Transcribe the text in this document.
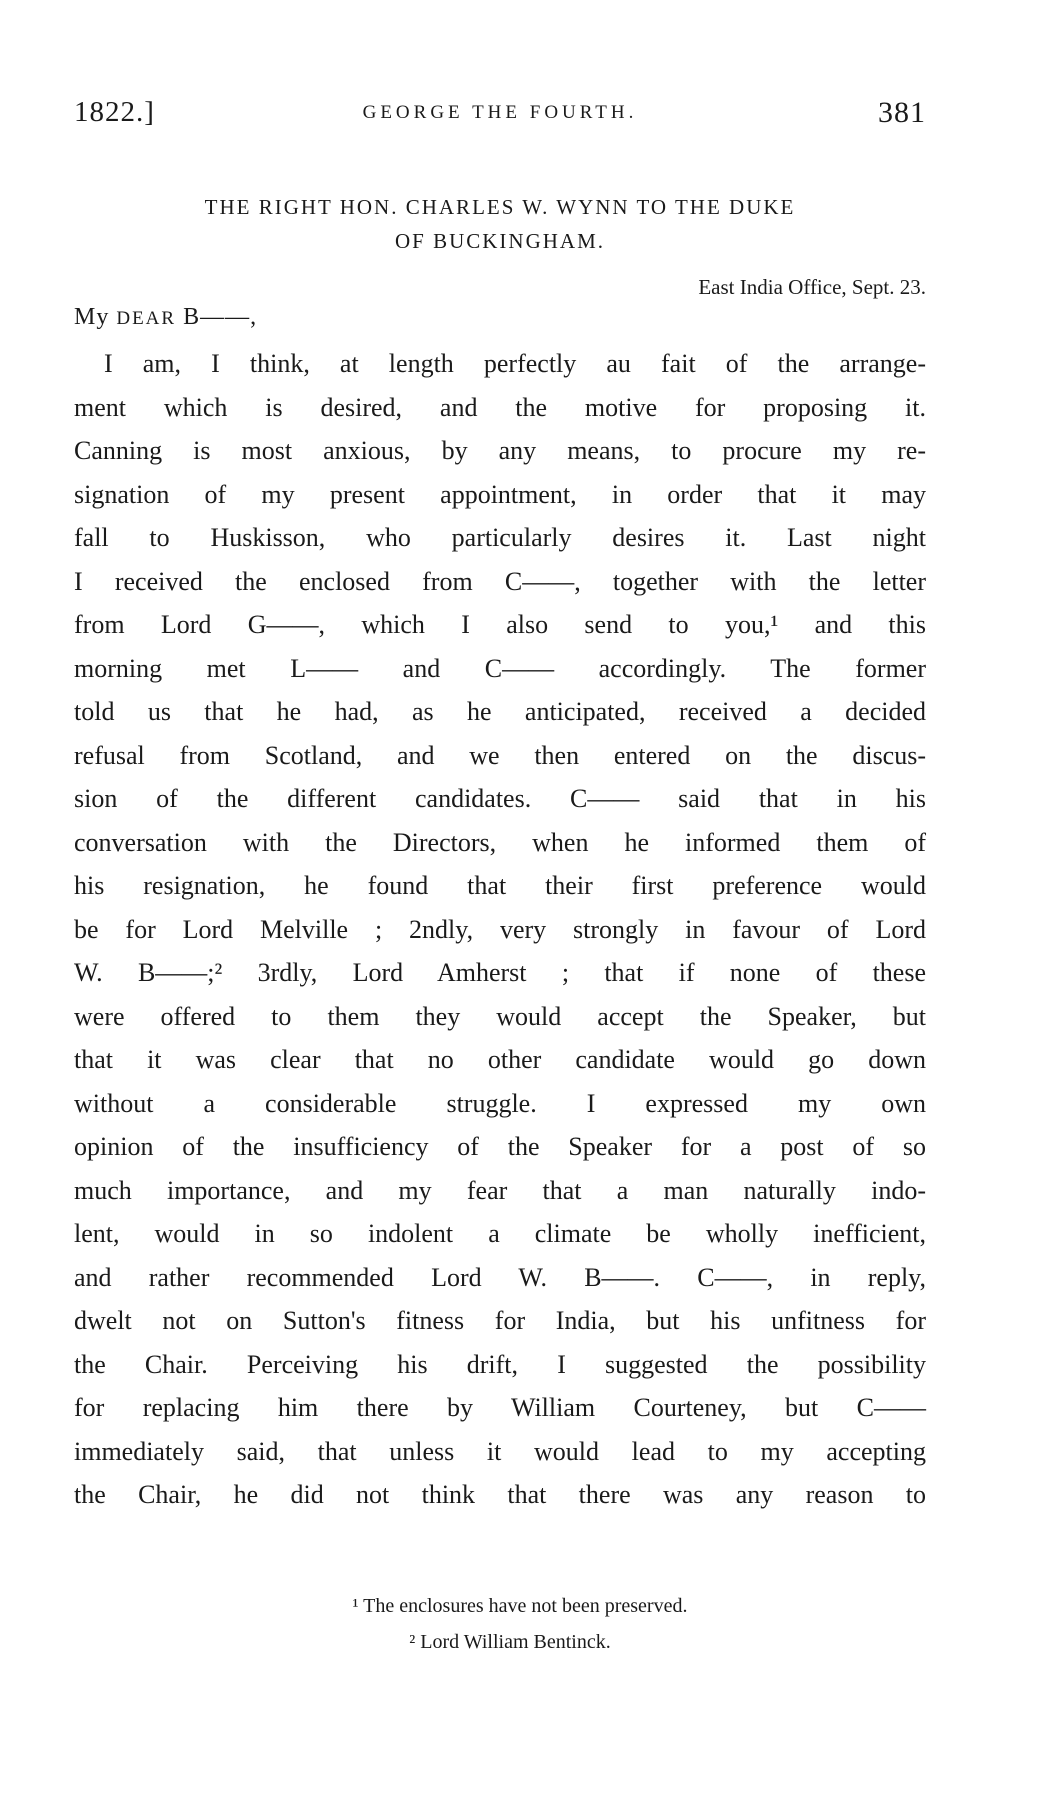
1822.]	GEORGE THE FOURTH.	381
THE RIGHT HON. CHARLES W. WYNN TO THE DUKE
OF BUCKINGHAM.
East India Office, Sept. 23.
My DEAR B——,
I am, I think, at length perfectly au fait of the arrange-
ment which is desired, and the motive for proposing it.
Canning is most anxious, by any means, to procure my re-
signation of my present appointment, in order that it may
fall to Huskisson, who particularly desires it. Last night
I received the enclosed from C——, together with the letter
from Lord G——, which I also send to you,¹ and this
morning met L—— and C—— accordingly. The former
told us that he had, as he anticipated, received a decided
refusal from Scotland, and we then entered on the discus-
sion of the different candidates. C—— said that in his
conversation with the Directors, when he informed them of
his resignation, he found that their first preference would
be for Lord Melville ; 2ndly, very strongly in favour of Lord
W. B——;² 3rdly, Lord Amherst ; that if none of these
were offered to them they would accept the Speaker, but
that it was clear that no other candidate would go down
without a considerable struggle. I expressed my own
opinion of the insufficiency of the Speaker for a post of so
much importance, and my fear that a man naturally indo-
lent, would in so indolent a climate be wholly inefficient,
and rather recommended Lord W. B——. C——, in reply,
dwelt not on Sutton's fitness for India, but his unfitness for
the Chair. Perceiving his drift, I suggested the possibility
for replacing him there by William Courteney, but C——
immediately said, that unless it would lead to my accepting
the Chair, he did not think that there was any reason to
¹ The enclosures have not been preserved.
² Lord William Bentinck.
